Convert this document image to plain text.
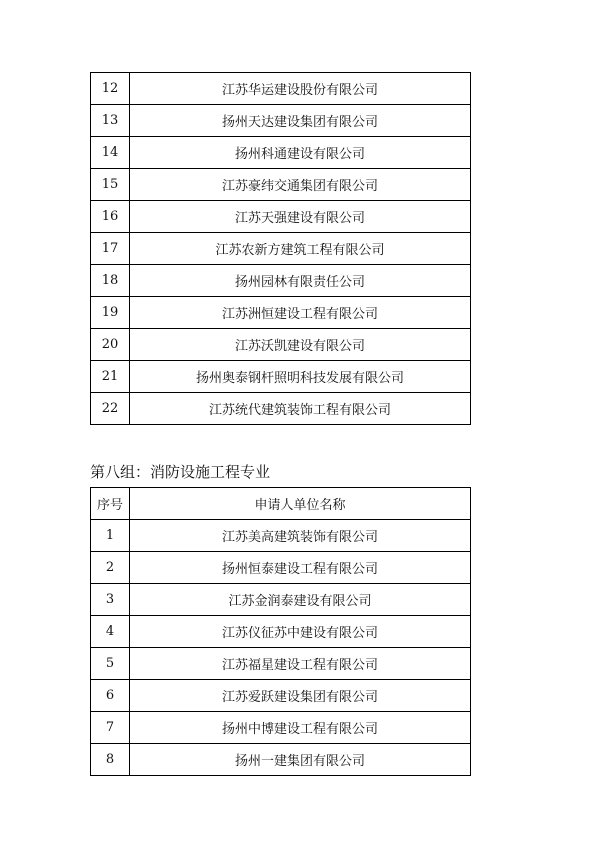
12	江苏华运建设股份有限公司
13	扬州天达建设集团有限公司
14	扬州科通建设有限公司
15	江苏豪纬交通集团有限公司
16	江苏天强建设有限公司
17	江苏农新方建筑工程有限公司
18	扬州园林有限责任公司
19	江苏洲恒建设工程有限公司
20	江苏沃凯建设有限公司
21	扬州奥泰钢杆照明科技发展有限公司
22	江苏统代建筑装饰工程有限公司
第八组：消防设施工程专业
序号	申请人单位名称
1	江苏美高建筑装饰有限公司
2	扬州恒泰建设工程有限公司
3	江苏金润泰建设有限公司
4	江苏仪征苏中建设有限公司
5	江苏福星建设工程有限公司
6	江苏爱跃建设集团有限公司
7	扬州中博建设工程有限公司
8	扬州一建集团有限公司
